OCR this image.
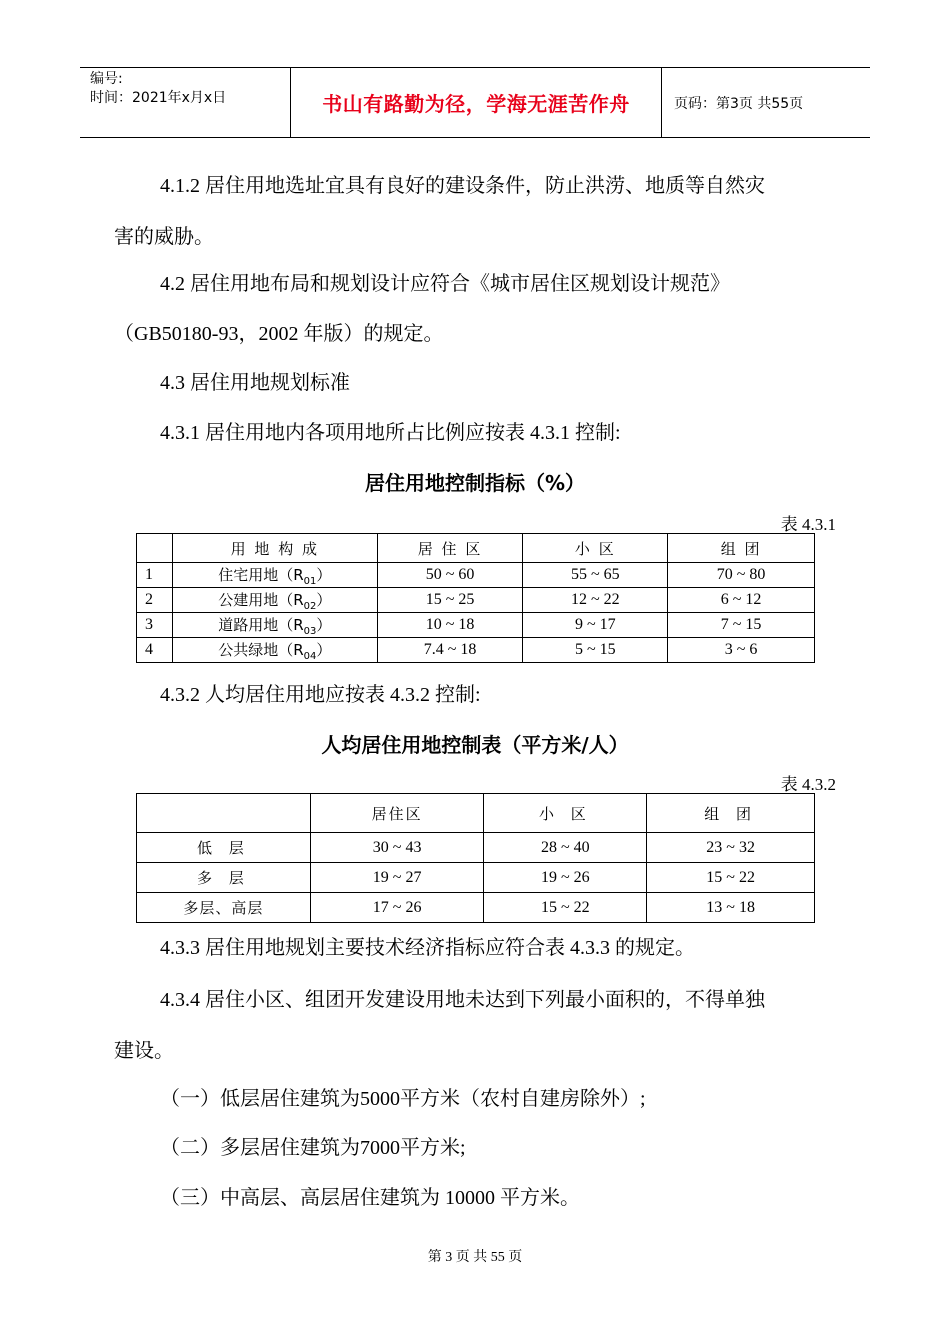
编号:
时间：2021年x月x日	书山有路勤为径，学海无涯苦作舟	页码：第3页 共55页
4.1.2 居住用地选址宜具有良好的建设条件，防止洪涝、地质等自然灾
害的威胁。
4.2 居住用地布局和规划设计应符合《城市居住区规划设计规范》
（GB50180-93，2002 年版）的规定。
4.3 居住用地规划标准
4.3.1 居住用地内各项用地所占比例应按表 4.3.1 控制:
居住用地控制指标（%）
表 4.3.1
	用 地 构 成	居 住 区	小 区	组 团
1	住宅用地$(R_{01})$	50 ~ 60	55 ~ 65	70 ~ 80
2	公建用地$(R_{02})$	15 ~ 25	12 ~ 22	6 ~ 12
3	道路用地$(R_{03})$	10 ~ 18	9 ~ 17	7 ~ 15
4	公共绿地$(R_{04})$	7.4 ~ 18	5 ~ 15	3 ~ 6
4.3.2 人均居住用地应按表 4.3.2 控制:
人均居住用地控制表（平方米/人）
表 4.3.2
	居住区	小 区	组 团
低 层	30 ~ 43	28 ~ 40	23 ~ 32
多 层	19 ~ 27	19 ~ 26	15 ~ 22
多层、高层	17 ~ 26	15 ~ 22	13 ~ 18
4.3.3 居住用地规划主要技术经济指标应符合表 4.3.3 的规定。
4.3.4 居住小区、组团开发建设用地未达到下列最小面积的，不得单独
建设。
（一）低层居住建筑为5000平方米（农村自建房除外）;
（二）多层居住建筑为7000平方米;
（三）中高层、高层居住建筑为 10000 平方米。
第 3 页 共 55 页
